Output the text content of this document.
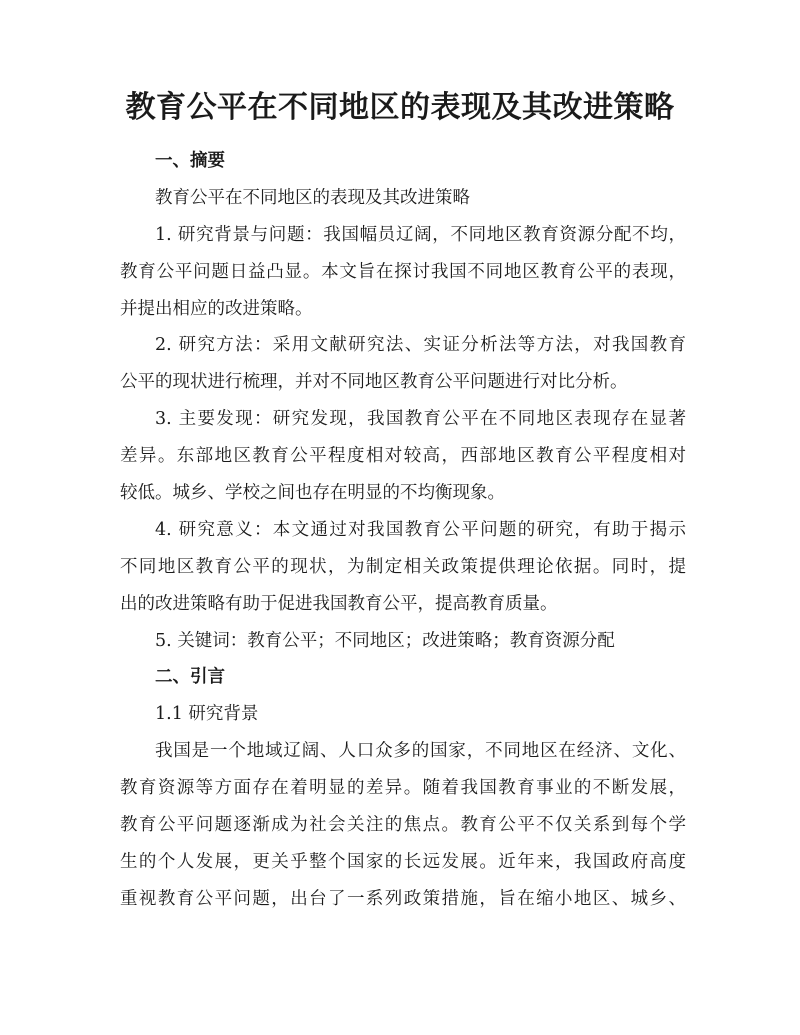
教育公平在不同地区的表现及其改进策略
一、摘要
教育公平在不同地区的表现及其改进策略
1. 研究背景与问题：我国幅员辽阔，不同地区教育资源分配不均，
教育公平问题日益凸显。本文旨在探讨我国不同地区教育公平的表现，
并提出相应的改进策略。
2. 研究方法：采用文献研究法、实证分析法等方法，对我国教育
公平的现状进行梳理，并对不同地区教育公平问题进行对比分析。
3. 主要发现：研究发现，我国教育公平在不同地区表现存在显著
差异。东部地区教育公平程度相对较高，西部地区教育公平程度相对
较低。城乡、学校之间也存在明显的不均衡现象。
4. 研究意义：本文通过对我国教育公平问题的研究，有助于揭示
不同地区教育公平的现状，为制定相关政策提供理论依据。同时，提
出的改进策略有助于促进我国教育公平，提高教育质量。
5. 关键词：教育公平；不同地区；改进策略；教育资源分配
二、引言
1.1 研究背景
我国是一个地域辽阔、人口众多的国家，不同地区在经济、文化、
教育资源等方面存在着明显的差异。随着我国教育事业的不断发展，
教育公平问题逐渐成为社会关注的焦点。教育公平不仅关系到每个学
生的个人发展，更关乎整个国家的长远发展。近年来，我国政府高度
重视教育公平问题，出台了一系列政策措施，旨在缩小地区、城乡、
